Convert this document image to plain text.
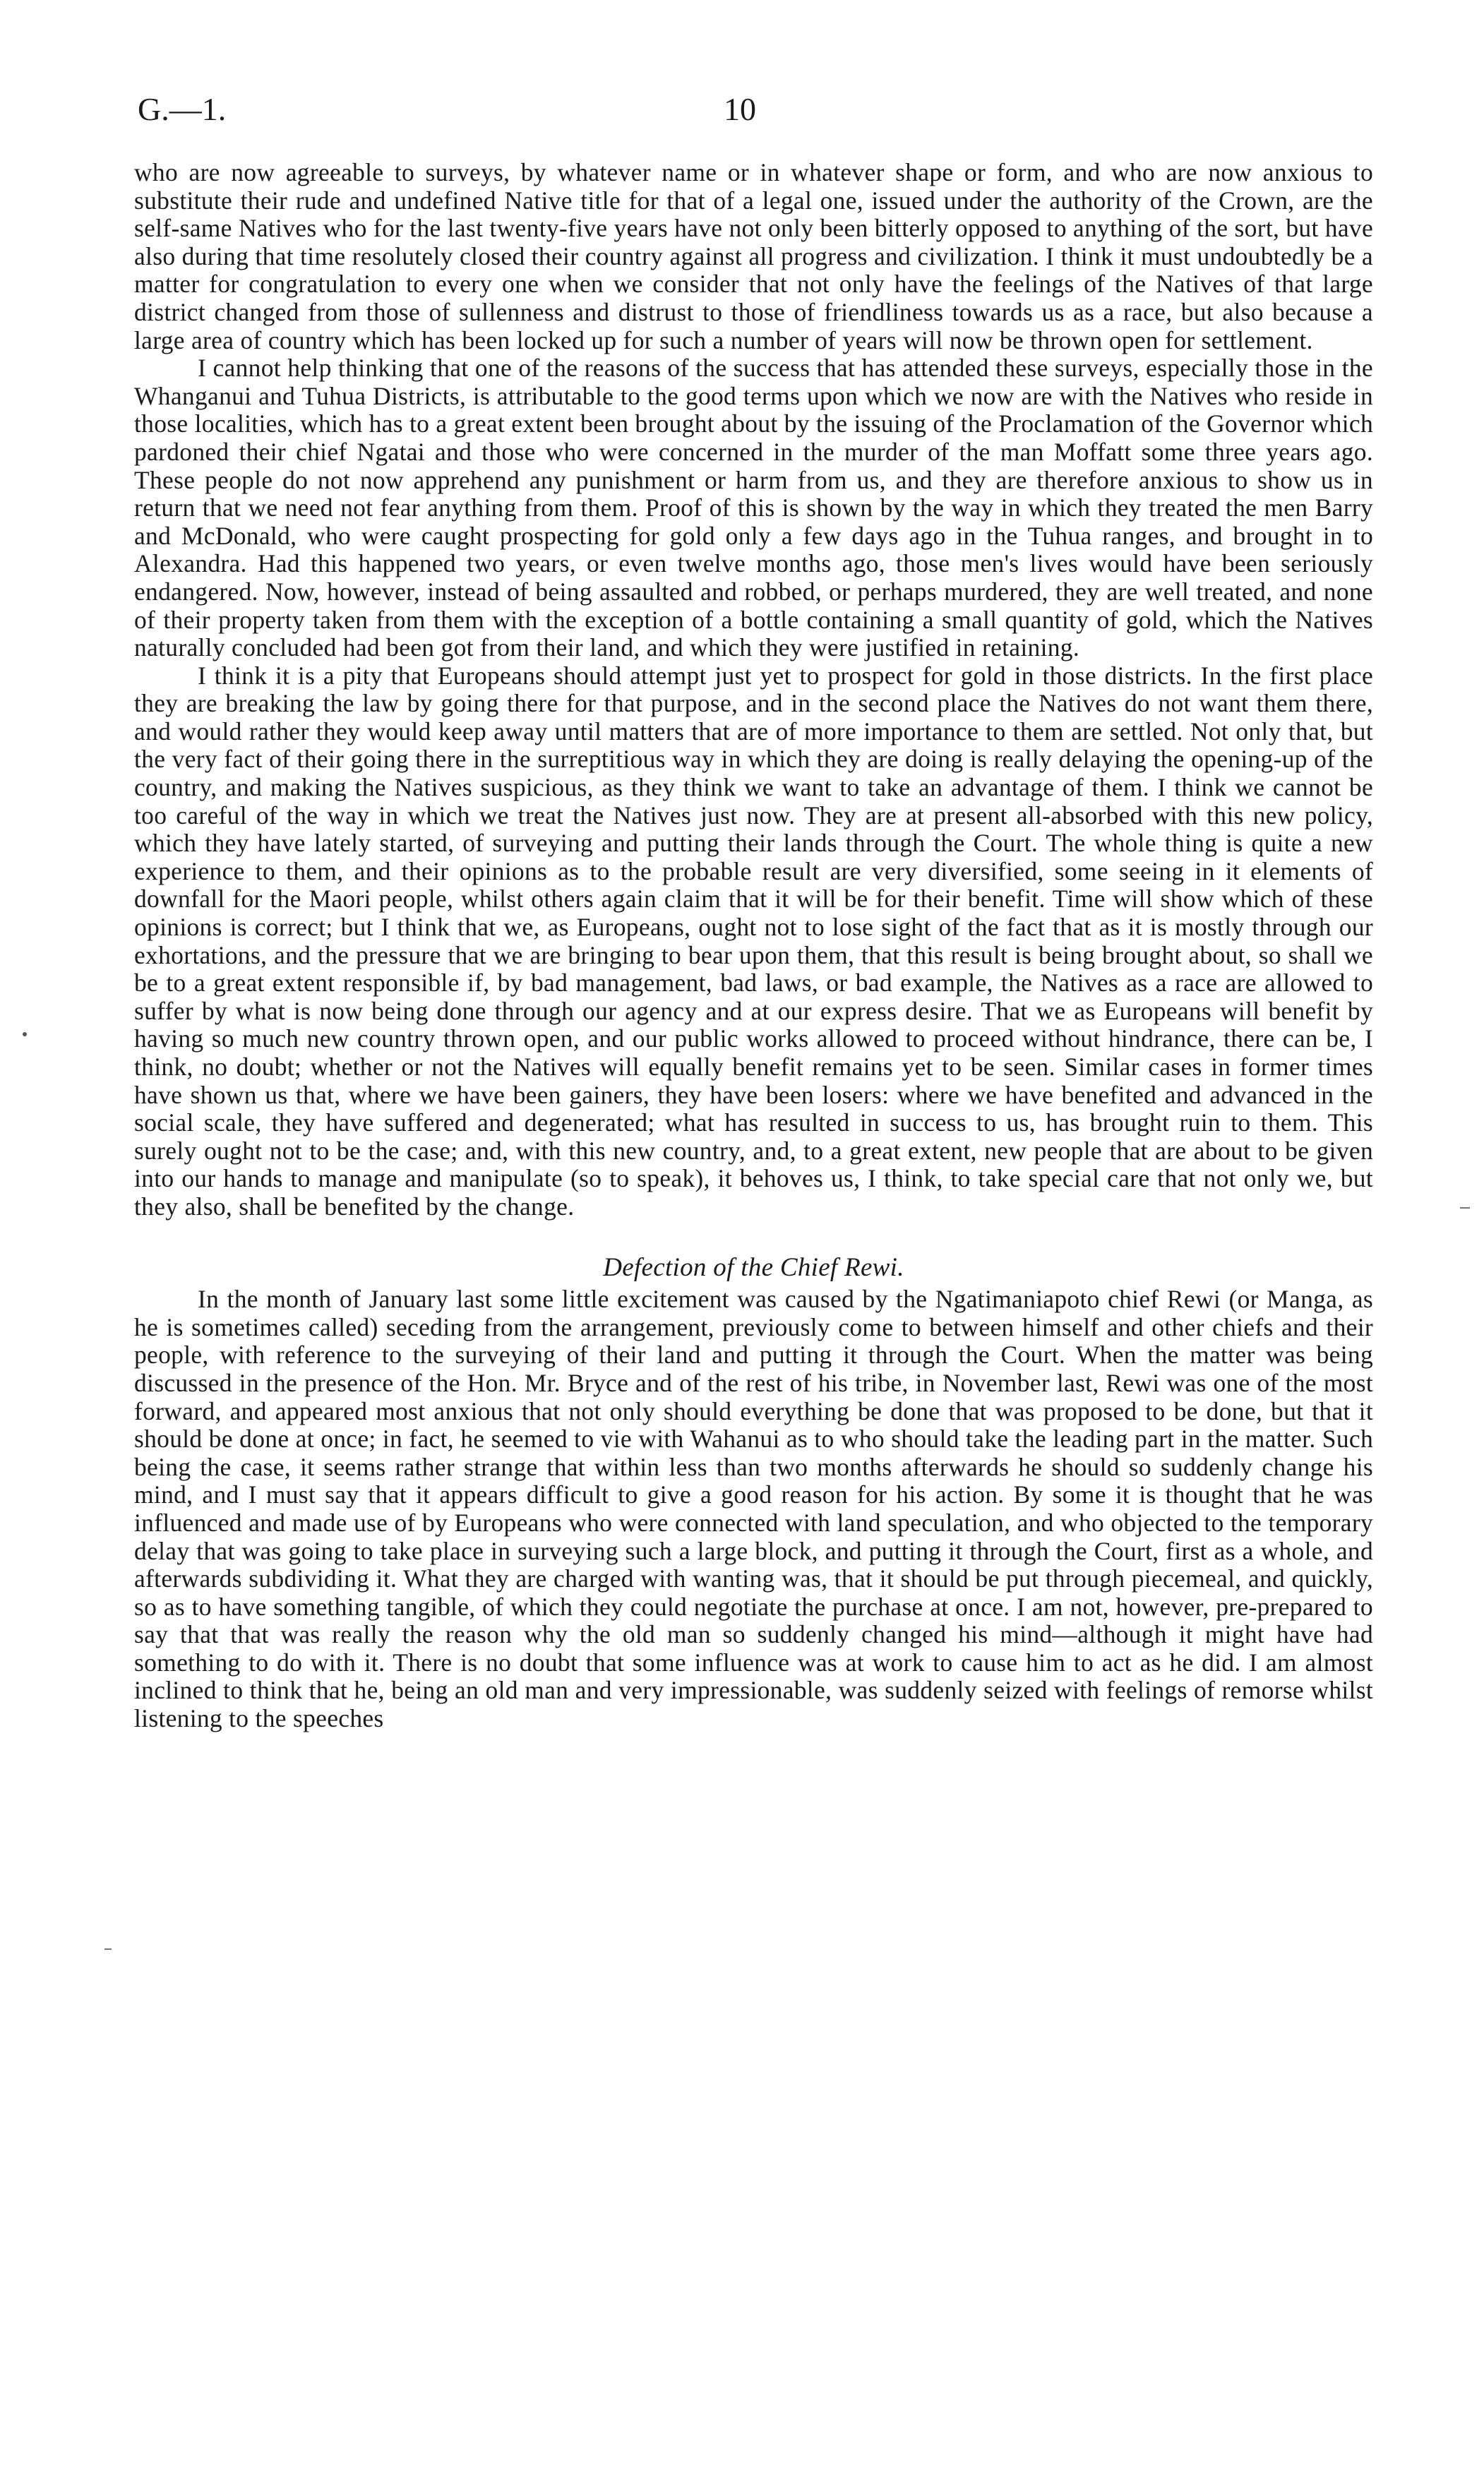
G.—1.	10

who are now agreeable to surveys, by whatever name or in whatever shape or form, and who are now anxious to substitute their rude and undefined Native title for that of a legal one, issued under the authority of the Crown, are the self-same Natives who for the last twenty-five years have not only been bitterly opposed to anything of the sort, but have also during that time resolutely closed their country against all progress and civilization. I think it must undoubtedly be a matter for congratulation to every one when we consider that not only have the feelings of the Natives of that large district changed from those of sullenness and distrust to those of friendliness towards us as a race, but also because a large area of country which has been locked up for such a number of years will now be thrown open for settlement.

I cannot help thinking that one of the reasons of the success that has attended these surveys, especially those in the Whanganui and Tuhua Districts, is attributable to the good terms upon which we now are with the Natives who reside in those localities, which has to a great extent been brought about by the issuing of the Proclamation of the Governor which pardoned their chief Ngatai and those who were concerned in the murder of the man Moffatt some three years ago. These people do not now apprehend any punishment or harm from us, and they are therefore anxious to show us in return that we need not fear anything from them. Proof of this is shown by the way in which they treated the men Barry and McDonald, who were caught prospecting for gold only a few days ago in the Tuhua ranges, and brought in to Alexandra. Had this happened two years, or even twelve months ago, those men's lives would have been seriously endangered. Now, however, instead of being assaulted and robbed, or perhaps murdered, they are well treated, and none of their property taken from them with the exception of a bottle containing a small quantity of gold, which the Natives naturally concluded had been got from their land, and which they were justified in retaining.

I think it is a pity that Europeans should attempt just yet to prospect for gold in those districts. In the first place they are breaking the law by going there for that purpose, and in the second place the Natives do not want them there, and would rather they would keep away until matters that are of more importance to them are settled. Not only that, but the very fact of their going there in the surreptitious way in which they are doing is really delaying the opening-up of the country, and making the Natives suspicious, as they think we want to take an advantage of them. I think we cannot be too careful of the way in which we treat the Natives just now. They are at present all-absorbed with this new policy, which they have lately started, of surveying and putting their lands through the Court. The whole thing is quite a new experience to them, and their opinions as to the probable result are very diversified, some seeing in it elements of downfall for the Maori people, whilst others again claim that it will be for their benefit. Time will show which of these opinions is correct; but I think that we, as Europeans, ought not to lose sight of the fact that as it is mostly through our exhortations, and the pressure that we are bringing to bear upon them, that this result is being brought about, so shall we be to a great extent responsible if, by bad management, bad laws, or bad example, the Natives as a race are allowed to suffer by what is now being done through our agency and at our express desire. That we as Europeans will benefit by having so much new country thrown open, and our public works allowed to proceed without hindrance, there can be, I think, no doubt; whether or not the Natives will equally benefit remains yet to be seen. Similar cases in former times have shown us that, where we have been gainers, they have been losers: where we have benefited and advanced in the social scale, they have suffered and degenerated; what has resulted in success to us, has brought ruin to them. This surely ought not to be the case; and, with this new country, and, to a great extent, new people that are about to be given into our hands to manage and manipulate (so to speak), it behoves us, I think, to take special care that not only we, but they also, shall be benefited by the change.

Defection of the Chief Rewi.

In the month of January last some little excitement was caused by the Ngatimaniapoto chief Rewi (or Manga, as he is sometimes called) seceding from the arrangement, previously come to between himself and other chiefs and their people, with reference to the surveying of their land and putting it through the Court. When the matter was being discussed in the presence of the Hon. Mr. Bryce and of the rest of his tribe, in November last, Rewi was one of the most forward, and appeared most anxious that not only should everything be done that was proposed to be done, but that it should be done at once; in fact, he seemed to vie with Wahanui as to who should take the leading part in the matter. Such being the case, it seems rather strange that within less than two months afterwards he should so suddenly change his mind, and I must say that it appears difficult to give a good reason for his action. By some it is thought that he was influenced and made use of by Europeans who were connected with land speculation, and who objected to the temporary delay that was going to take place in surveying such a large block, and putting it through the Court, first as a whole, and afterwards subdividing it. What they are charged with wanting was, that it should be put through piecemeal, and quickly, so as to have something tangible, of which they could negotiate the purchase at once. I am not, however, pre-prepared to say that that was really the reason why the old man so suddenly changed his mind—although it might have had something to do with it. There is no doubt that some influence was at work to cause him to act as he did. I am almost inclined to think that he, being an old man and very impressionable, was suddenly seized with feelings of remorse whilst listening to the speeches
